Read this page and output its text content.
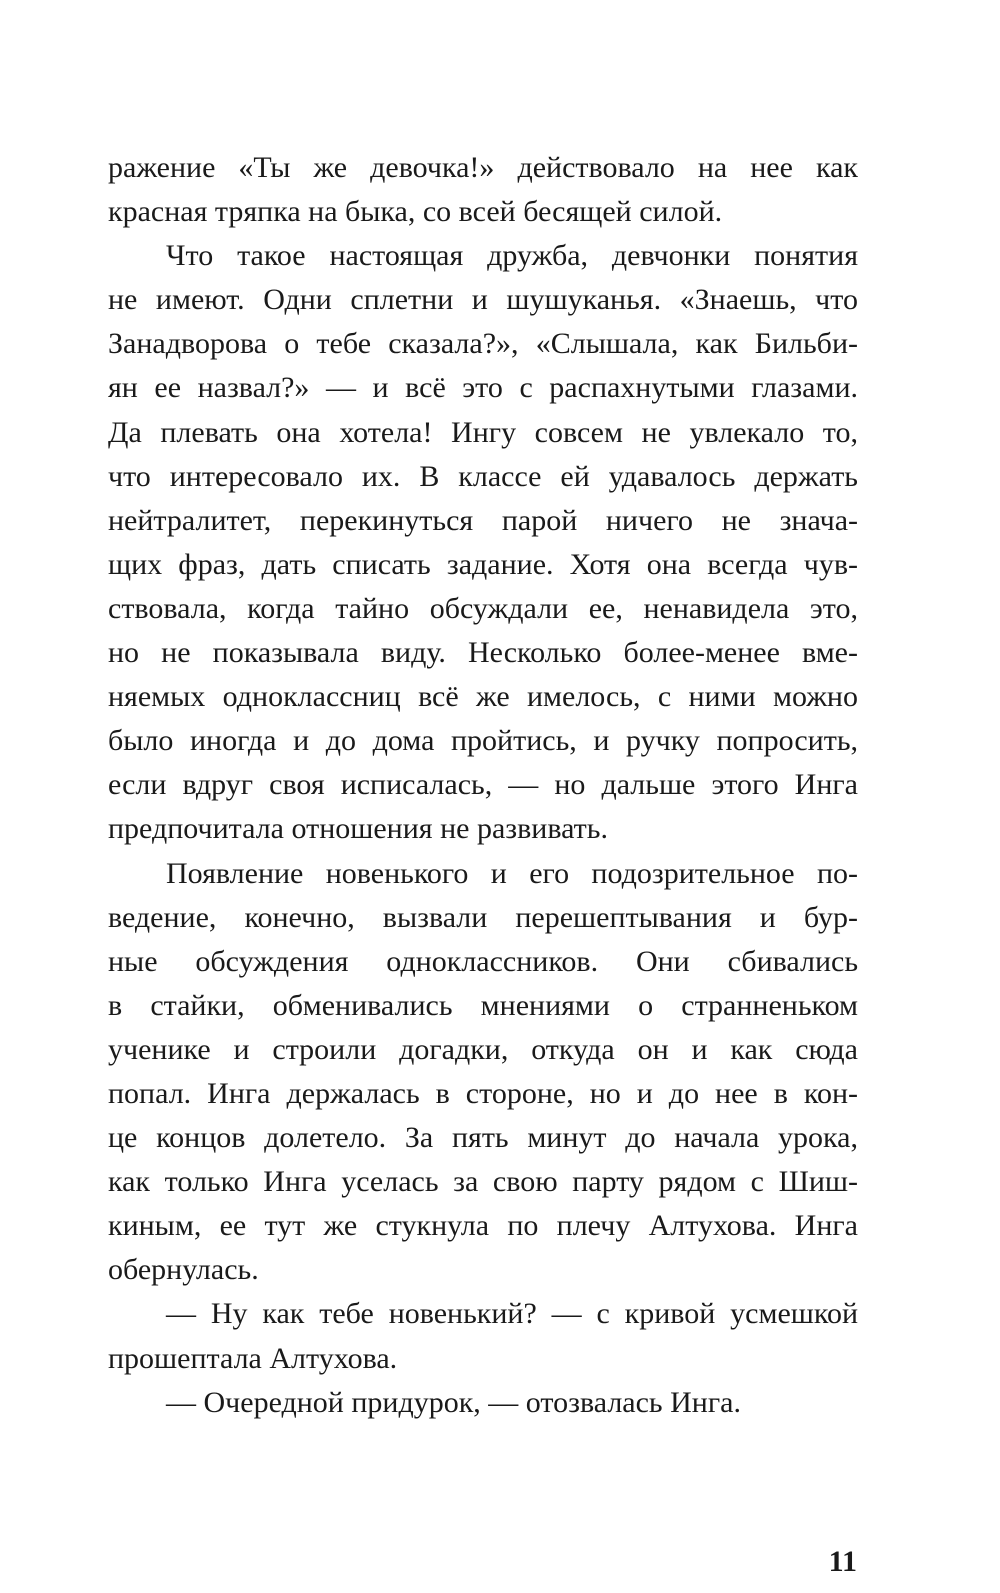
ражение «Ты же девочка!» действовало на нее как
красная тряпка на быка, со всей бесящей силой.
Что такое настоящая дружба, девчонки понятия
не имеют. Одни сплетни и шушуканья. «Знаешь, что
Занадворова о тебе сказала?», «Слышала, как Бильби-
ян ее назвал?» — и всё это с распахнутыми глазами.
Да плевать она хотела! Ингу совсем не увлекало то,
что интересовало их. В классе ей удавалось держать
нейтралитет, перекинуться парой ничего не знача-
щих фраз, дать списать задание. Хотя она всегда чув-
ствовала, когда тайно обсуждали ее, ненавидела это,
но не показывала виду. Несколько более-менее вме-
няемых одноклассниц всё же имелось, с ними можно
было иногда и до дома пройтись, и ручку попросить,
если вдруг своя исписалась, — но дальше этого Инга
предпочитала отношения не развивать.
Появление новенького и его подозрительное по-
ведение, конечно, вызвали перешептывания и бур-
ные обсуждения одноклассников. Они сбивались
в стайки, обменивались мнениями о странненьком
ученике и строили догадки, откуда он и как сюда
попал. Инга держалась в стороне, но и до нее в кон-
це концов долетело. За пять минут до начала урока,
как только Инга уселась за свою парту рядом с Шиш-
киным, ее тут же стукнула по плечу Алтухова. Инга
обернулась.
— Ну как тебе новенький? — с кривой усмешкой
прошептала Алтухова.
— Очередной придурок, — отозвалась Инга.
11
